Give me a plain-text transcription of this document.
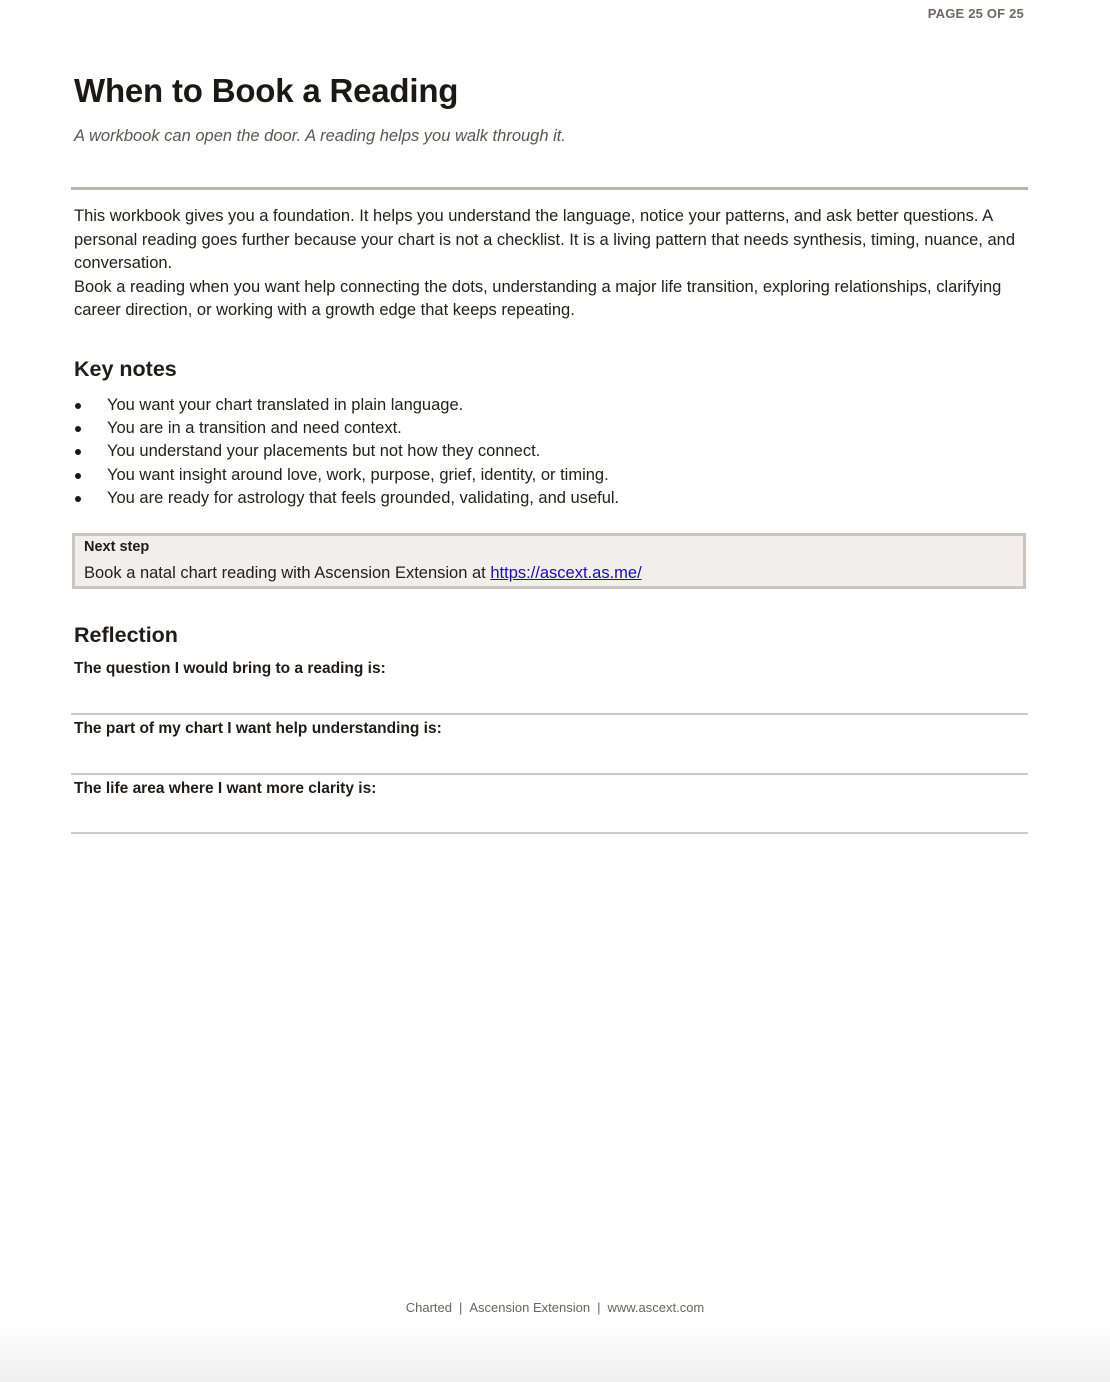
PAGE 25 OF 25
When to Book a Reading

A workbook can open the door. A reading helps you walk through it.

This workbook gives you a foundation. It helps you understand the language, notice your patterns, and ask better questions. A personal reading goes further because your chart is not a checklist. It is a living pattern that needs synthesis, timing, nuance, and conversation.

Book a reading when you want help connecting the dots, understanding a major life transition, exploring relationships, clarifying career direction, or working with a growth edge that keeps repeating.

Key notes
You want your chart translated in plain language.
You are in a transition and need context.
You understand your placements but not how they connect.
You want insight around love, work, purpose, grief, identity, or timing.
You are ready for astrology that feels grounded, validating, and useful.
Next step
Book a natal chart reading with Ascension Extension at https://ascext.as.me/
Reflection
The question I would bring to a reading is:
The part of my chart I want help understanding is:
The life area where I want more clarity is:
Charted | Ascension Extension | www.ascext.com
